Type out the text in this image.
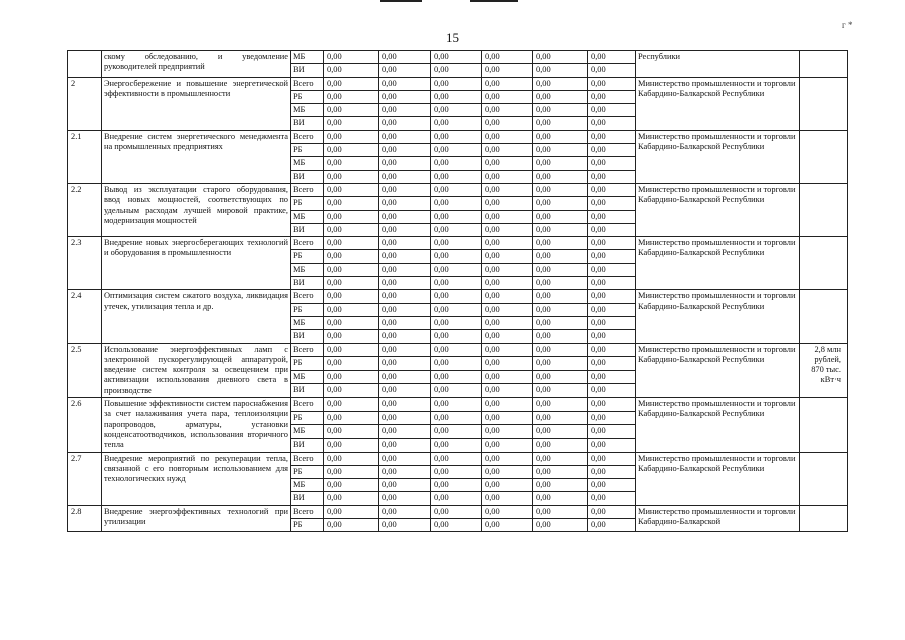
15
г *
	скому обследованию, и уведомление руководителей предприятий	МБ	0,00	0,00	0,00	0,00	0,00	0,00	Республики	
		ВИ	0,00	0,00	0,00	0,00	0,00	0,00		
2	Энергосбережение и повышение энергетической эффективности в промышленности	Всего	0,00	0,00	0,00	0,00	0,00	0,00	Министерство промышленности и торговли Кабардино-Балкарской Республики	
		РБ	0,00	0,00	0,00	0,00	0,00	0,00		
		МБ	0,00	0,00	0,00	0,00	0,00	0,00		
		ВИ	0,00	0,00	0,00	0,00	0,00	0,00		
2.1	Внедрение систем энергетического менеджмента на промышленных предприятиях	Всего	0,00	0,00	0,00	0,00	0,00	0,00	Министерство промышленности и торговли Кабардино-Балкарской Республики	
		РБ	0,00	0,00	0,00	0,00	0,00	0,00		
		МБ	0,00	0,00	0,00	0,00	0,00	0,00		
		ВИ	0,00	0,00	0,00	0,00	0,00	0,00		
2.2	Вывод из эксплуатации старого оборудования, ввод новых мощностей, соответствующих по удельным расходам лучшей мировой практике, модернизация мощностей	Всего	0,00	0,00	0,00	0,00	0,00	0,00	Министерство промышленности и торговли Кабардино-Балкарской Республики	
		РБ	0,00	0,00	0,00	0,00	0,00	0,00		
		МБ	0,00	0,00	0,00	0,00	0,00	0,00		
		ВИ	0,00	0,00	0,00	0,00	0,00	0,00		
2.3	Внедрение новых энергосберегающих технологий и оборудования в промышленности	Всего	0,00	0,00	0,00	0,00	0,00	0,00	Министерство промышленности и торговли Кабардино-Балкарской Республики	
		РБ	0,00	0,00	0,00	0,00	0,00	0,00		
		МБ	0,00	0,00	0,00	0,00	0,00	0,00		
		ВИ	0,00	0,00	0,00	0,00	0,00	0,00		
2.4	Оптимизация систем сжатого воздуха, ликвидация утечек, утилизация тепла и др.	Всего	0,00	0,00	0,00	0,00	0,00	0,00	Министерство промышленности и торговли Кабардино-Балкарской Республики	
		РБ	0,00	0,00	0,00	0,00	0,00	0,00		
		МБ	0,00	0,00	0,00	0,00	0,00	0,00		
		ВИ	0,00	0,00	0,00	0,00	0,00	0,00		
2.5	Использование энергоэффективных ламп с электронной пускорегулирующей аппаратурой, введение систем контроля за освещением при активизации использования дневного света в производстве	Всего	0,00	0,00	0,00	0,00	0,00	0,00	Министерство промышленности и торговли Кабардино-Балкарской Республики	2,8 млн рублей, 870 тыс. кВт·ч
		РБ	0,00	0,00	0,00	0,00	0,00	0,00		
		МБ	0,00	0,00	0,00	0,00	0,00	0,00		
		ВИ	0,00	0,00	0,00	0,00	0,00	0,00		
2.6	Повышение эффективности систем пароснабжения за счет налаживания учета пара, теплоизоляции паропроводов, арматуры, установки конденсатоотводчиков, использования вторичного тепла	Всего	0,00	0,00	0,00	0,00	0,00	0,00	Министерство промышленности и торговли Кабардино-Балкарской Республики	
		РБ	0,00	0,00	0,00	0,00	0,00	0,00		
		МБ	0,00	0,00	0,00	0,00	0,00	0,00		
		ВИ	0,00	0,00	0,00	0,00	0,00	0,00		
2.7	Внедрение мероприятий по рекуперации тепла, связанной с его повторным использованием для технологических нужд	Всего	0,00	0,00	0,00	0,00	0,00	0,00	Министерство промышленности и торговли Кабардино-Балкарской Республики	
		РБ	0,00	0,00	0,00	0,00	0,00	0,00		
		МБ	0,00	0,00	0,00	0,00	0,00	0,00		
		ВИ	0,00	0,00	0,00	0,00	0,00	0,00		
2.8	Внедрение энергоэффективных технологий при утилизации	Всего	0,00	0,00	0,00	0,00	0,00	0,00	Министерство промышленности и торговли Кабардино-Балкарской	
		РБ	0,00	0,00	0,00	0,00	0,00	0,00		
